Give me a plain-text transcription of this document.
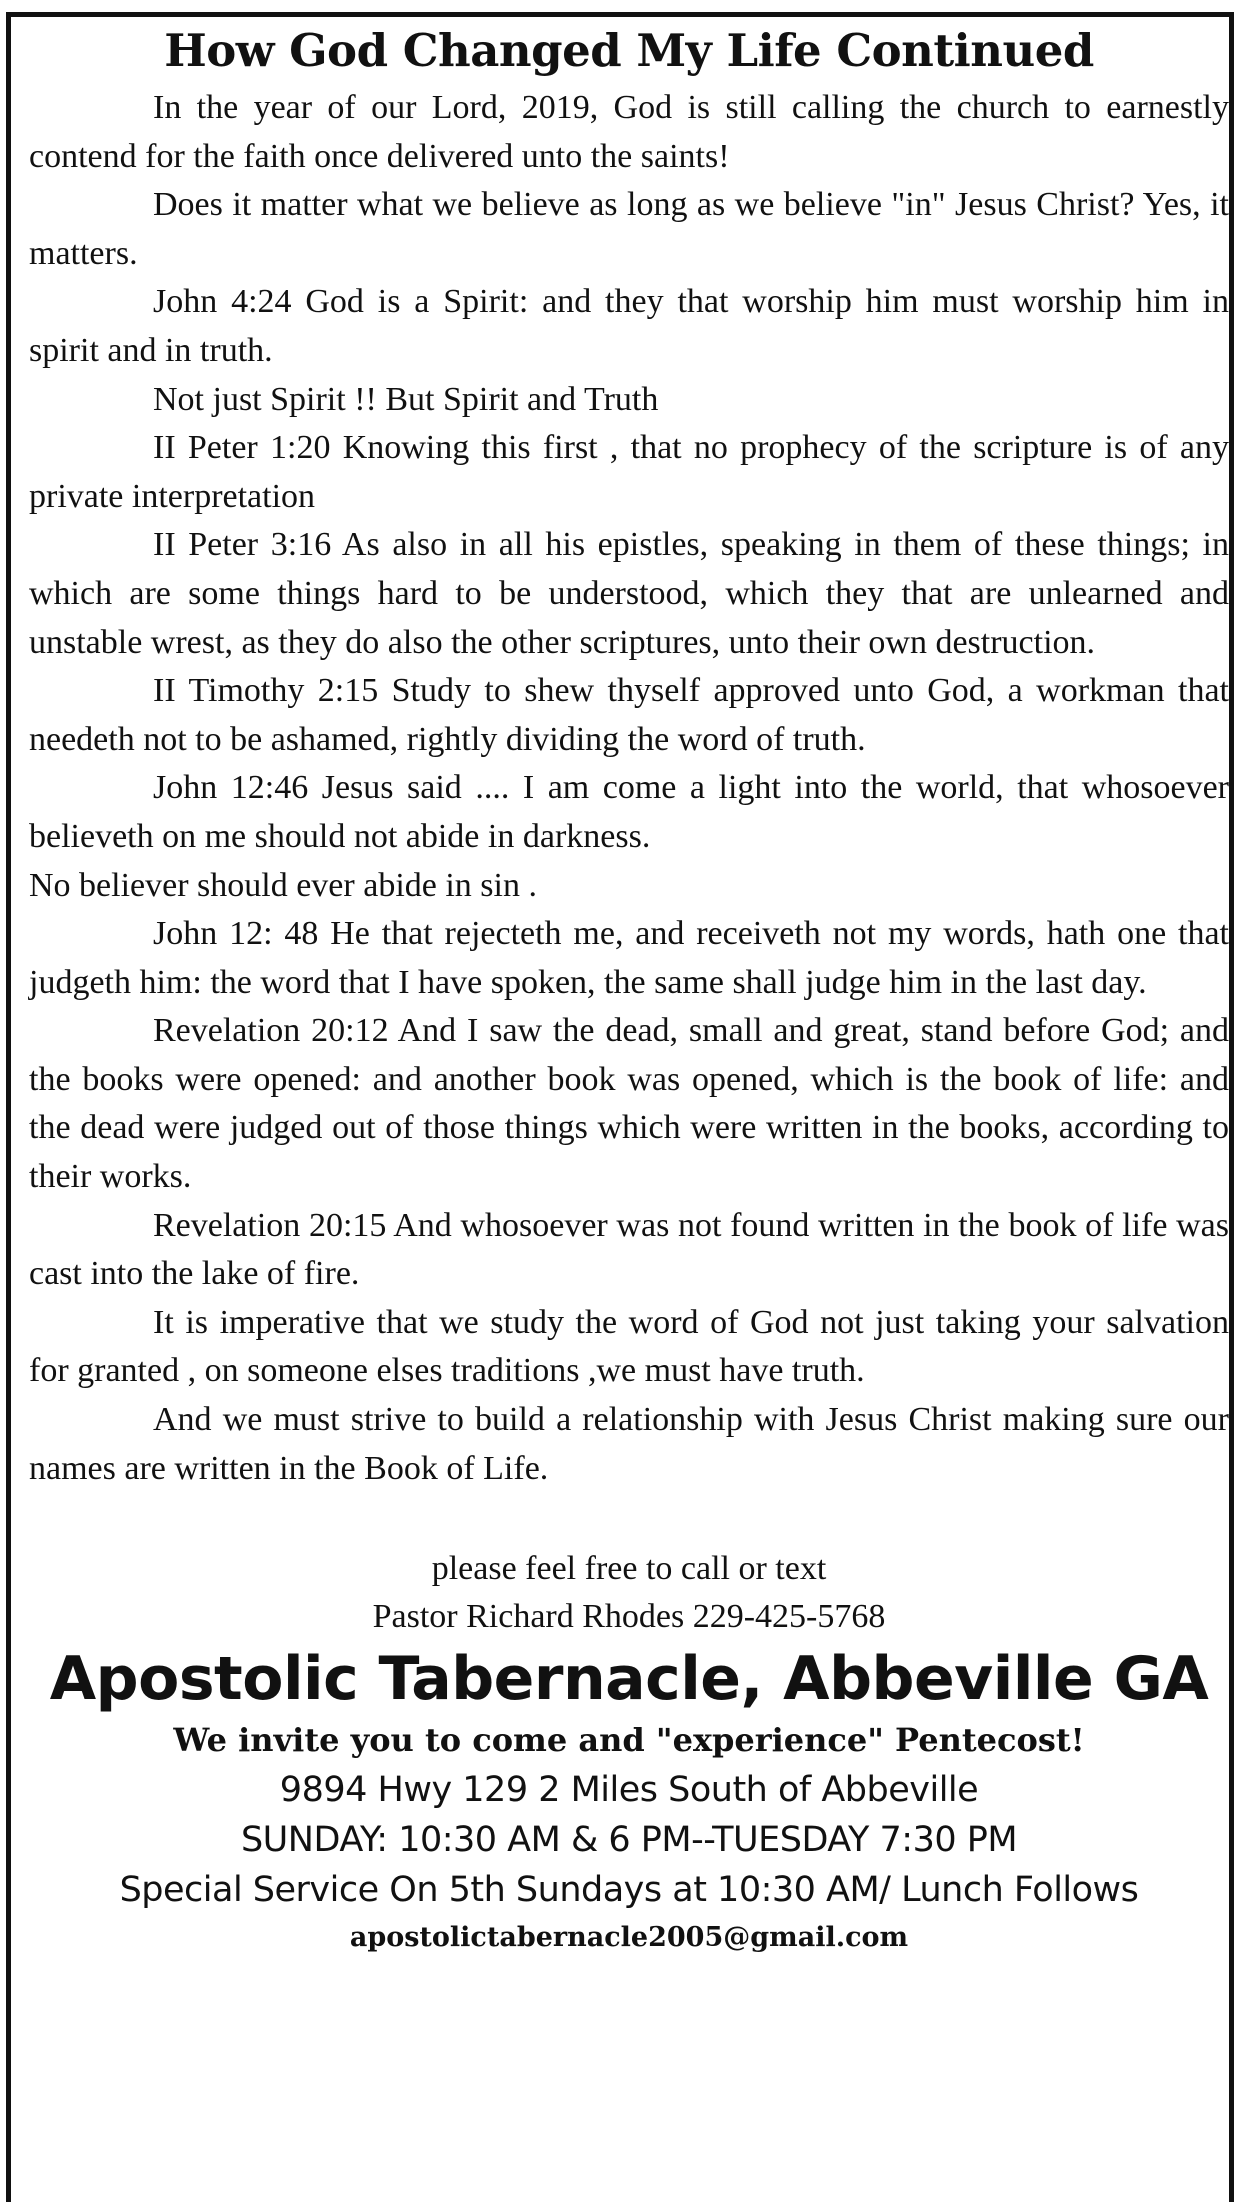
How God Changed My Life Continued

In the year of our Lord, 2019, God is still calling the church to earnestly contend for the faith once delivered unto the saints!

Does it matter what we believe as long as we believe "in" Jesus Christ? Yes, it matters.

John 4:24 God is a Spirit: and they that worship him must worship him in spirit and in truth.

Not just Spirit !! But Spirit and Truth

II Peter 1:20 Knowing this first , that no prophecy of the scripture is of any private interpretation

II Peter 3:16 As also in all his epistles, speaking in them of these things; in which are some things hard to be understood, which they that are unlearned and unstable wrest, as they do also the other scriptures, unto their own destruction.

II Timothy 2:15 Study to shew thyself approved unto God, a workman that needeth not to be ashamed, rightly dividing the word of truth.

John 12:46 Jesus said .... I am come a light into the world, that whosoever believeth on me should not abide in darkness.

No believer should ever abide in sin .

John 12: 48 He that rejecteth me, and receiveth not my words, hath one that judgeth him: the word that I have spoken, the same shall judge him in the last day.

Revelation 20:12 And I saw the dead, small and great, stand before God; and the books were opened: and another book was opened, which is the book of life: and the dead were judged out of those things which were written in the books, according to their works.

Revelation 20:15 And whosoever was not found written in the book of life was cast into the lake of fire.

It is imperative that we study the word of God not just taking your salvation for granted , on someone elses traditions ,we must have truth.

And we must strive to build a relationship with Jesus Christ making sure our names are written in the Book of Life.

please feel free to call or text
Pastor Richard Rhodes 229-425-5768
Apostolic Tabernacle, Abbeville GA
We invite you to come and "experience" Pentecost!
9894 Hwy 129 2 Miles South of Abbeville
SUNDAY: 10:30 AM & 6 PM--TUESDAY 7:30 PM
Special Service On 5th Sundays at 10:30 AM/ Lunch Follows
apostolictabernacle2005@gmail.com
